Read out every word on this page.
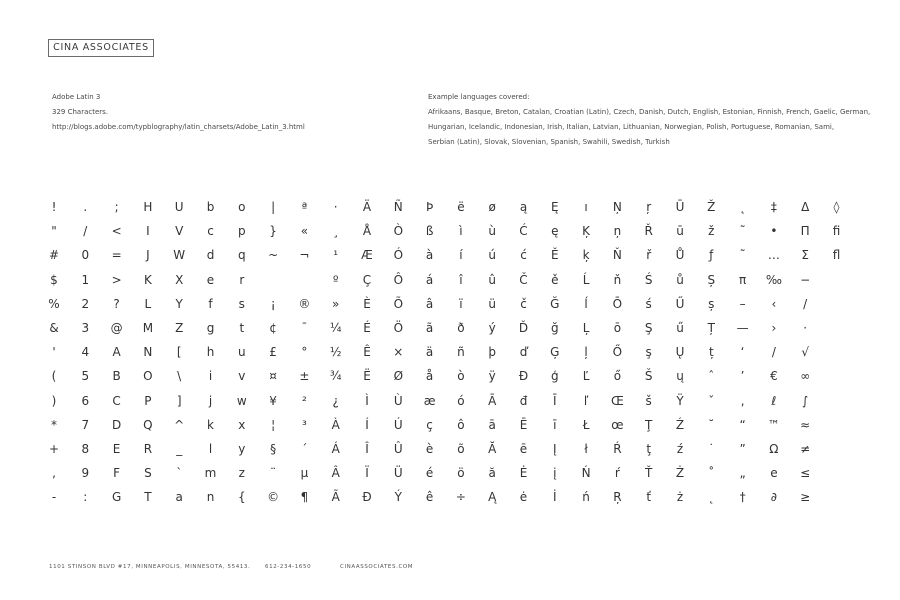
CINA ASSOCIATES
Adobe Latin 3
329 Characters.
http://blogs.adobe.com/typblography/latin_charsets/Adobe_Latin_3.html
Example languages covered:
Afrikaans, Basque, Breton, Catalan, Croatian (Latin), Czech, Danish, Dutch, English, Estonian, Finnish, French, Gaelic, German,
Hungarian, Icelandic, Indonesian, Irish, Italian, Latvian, Lithuanian, Norwegian, Polish, Portuguese, Romanian, Sami,
Serbian (Latin), Slovak, Slovenian, Spanish, Swahili, Swedish, Turkish
!
"
#
$
%
&
'
(
)
*
+
,
-
.
/
0
1
2
3
4
5
6
7
8
9
:
;
<
=
>
?
@
A
B
C
D
E
F
G
H
I
J
K
L
M
N
O
P
Q
R
S
T
U
V
W
X
Y
Z
[
\
]
^
_
`
a
b
c
d
e
f
g
h
i
j
k
l
m
n
o
p
q
r
s
t
u
v
w
x
y
z
{
|
}
~
¡
¢
£
¤
¥
¦
§
¨
©
ª
«
¬
®
¯
°
±
²
³
´
µ
¶
·
¸
¹
º
»
¼
½
¾
¿
À
Á
Â
Ã
Ä
Å
Æ
Ç
È
É
Ê
Ë
Ì
Í
Î
Ï
Ð
Ñ
Ò
Ó
Ô
Õ
Ö
×
Ø
Ù
Ú
Û
Ü
Ý
Þ
ß
à
á
â
ã
ä
å
æ
ç
è
é
ê
ë
ì
í
î
ï
ð
ñ
ò
ó
ô
õ
ö
÷
ø
ù
ú
û
ü
ý
þ
ÿ
Ā
ā
Ă
ă
Ą
ą
Ć
ć
Č
č
Ď
ď
Đ
đ
Ē
ē
Ė
ė
Ę
ę
Ě
ě
Ğ
ğ
Ģ
ģ
Ī
ī
Į
į
İ
ı
Ķ
ķ
Ĺ
ĺ
Ļ
ļ
Ľ
ľ
Ł
ł
Ń
ń
Ņ
ņ
Ň
ň
Ō
ō
Ő
ő
Œ
œ
Ŕ
ŕ
Ŗ
ŗ
Ř
ř
Ś
ś
Ş
ş
Š
š
Ţ
ţ
Ť
ť
Ū
ū
Ů
ů
Ű
ű
Ų
ų
Ÿ
Ź
ź
Ż
ż
Ž
ž
ƒ
Ș
ș
Ț
ț
ˆ
ˇ
˘
˙
˚
˛
˛
˜
˜
π
–
—
‘
’
‚
“
”
„
†
‡
•
…
‰
‹
›
/
€
ℓ
™
Ω
e
∂
Δ
Π
Σ
−
/
·
√
∞
∫
≈
≠
≤
≥
◊
fi
fl
1101 STINSON BLVD #17, MINNEAPOLIS, MINNESOTA, 55413.	612-234-1650	CINAASSOCIATES.COM
